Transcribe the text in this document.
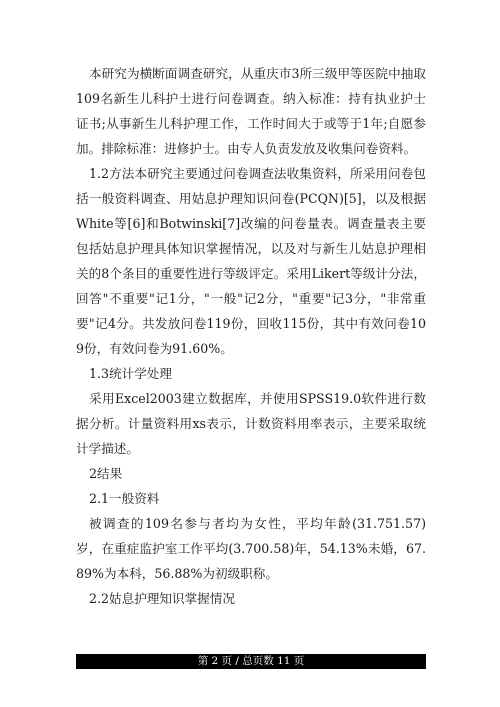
本研究为横断面调查研究，从重庆市3所三级甲等医院中抽取109名新生儿科护士进行问卷调查。纳入标准：持有执业护士证书;从事新生儿科护理工作，工作时间大于或等于1年;自愿参加。排除标准：进修护士。由专人负责发放及收集问卷资料。

1.2方法本研究主要通过问卷调查法收集资料，所采用问卷包括一般资料调查、用姑息护理知识问卷(PCQN)[5]，以及根据White等[6]和Botwinski[7]改编的问卷量表。调查量表主要包括姑息护理具体知识掌握情况，以及对与新生儿姑息护理相关的8个条目的重要性进行等级评定。采用Likert等级计分法，回答"不重要"记1分，"一般"记2分，"重要"记3分，"非常重要"记4分。共发放问卷119份，回收115份，其中有效问卷109份，有效问卷为91.60%。

1.3统计学处理

采用Excel2003建立数据库，并使用SPSS19.0软件进行数据分析。计量资料用xs表示，计数资料用率表示，主要采取统计学描述。

2结果

2.1一般资料

被调查的109名参与者均为女性，平均年龄(31.751.57)岁，在重症监护室工作平均(3.700.58)年，54.13%未婚，67.89%为本科，56.88%为初级职称。

2.2姑息护理知识掌握情况

第 2 页 / 总页数 11 页
